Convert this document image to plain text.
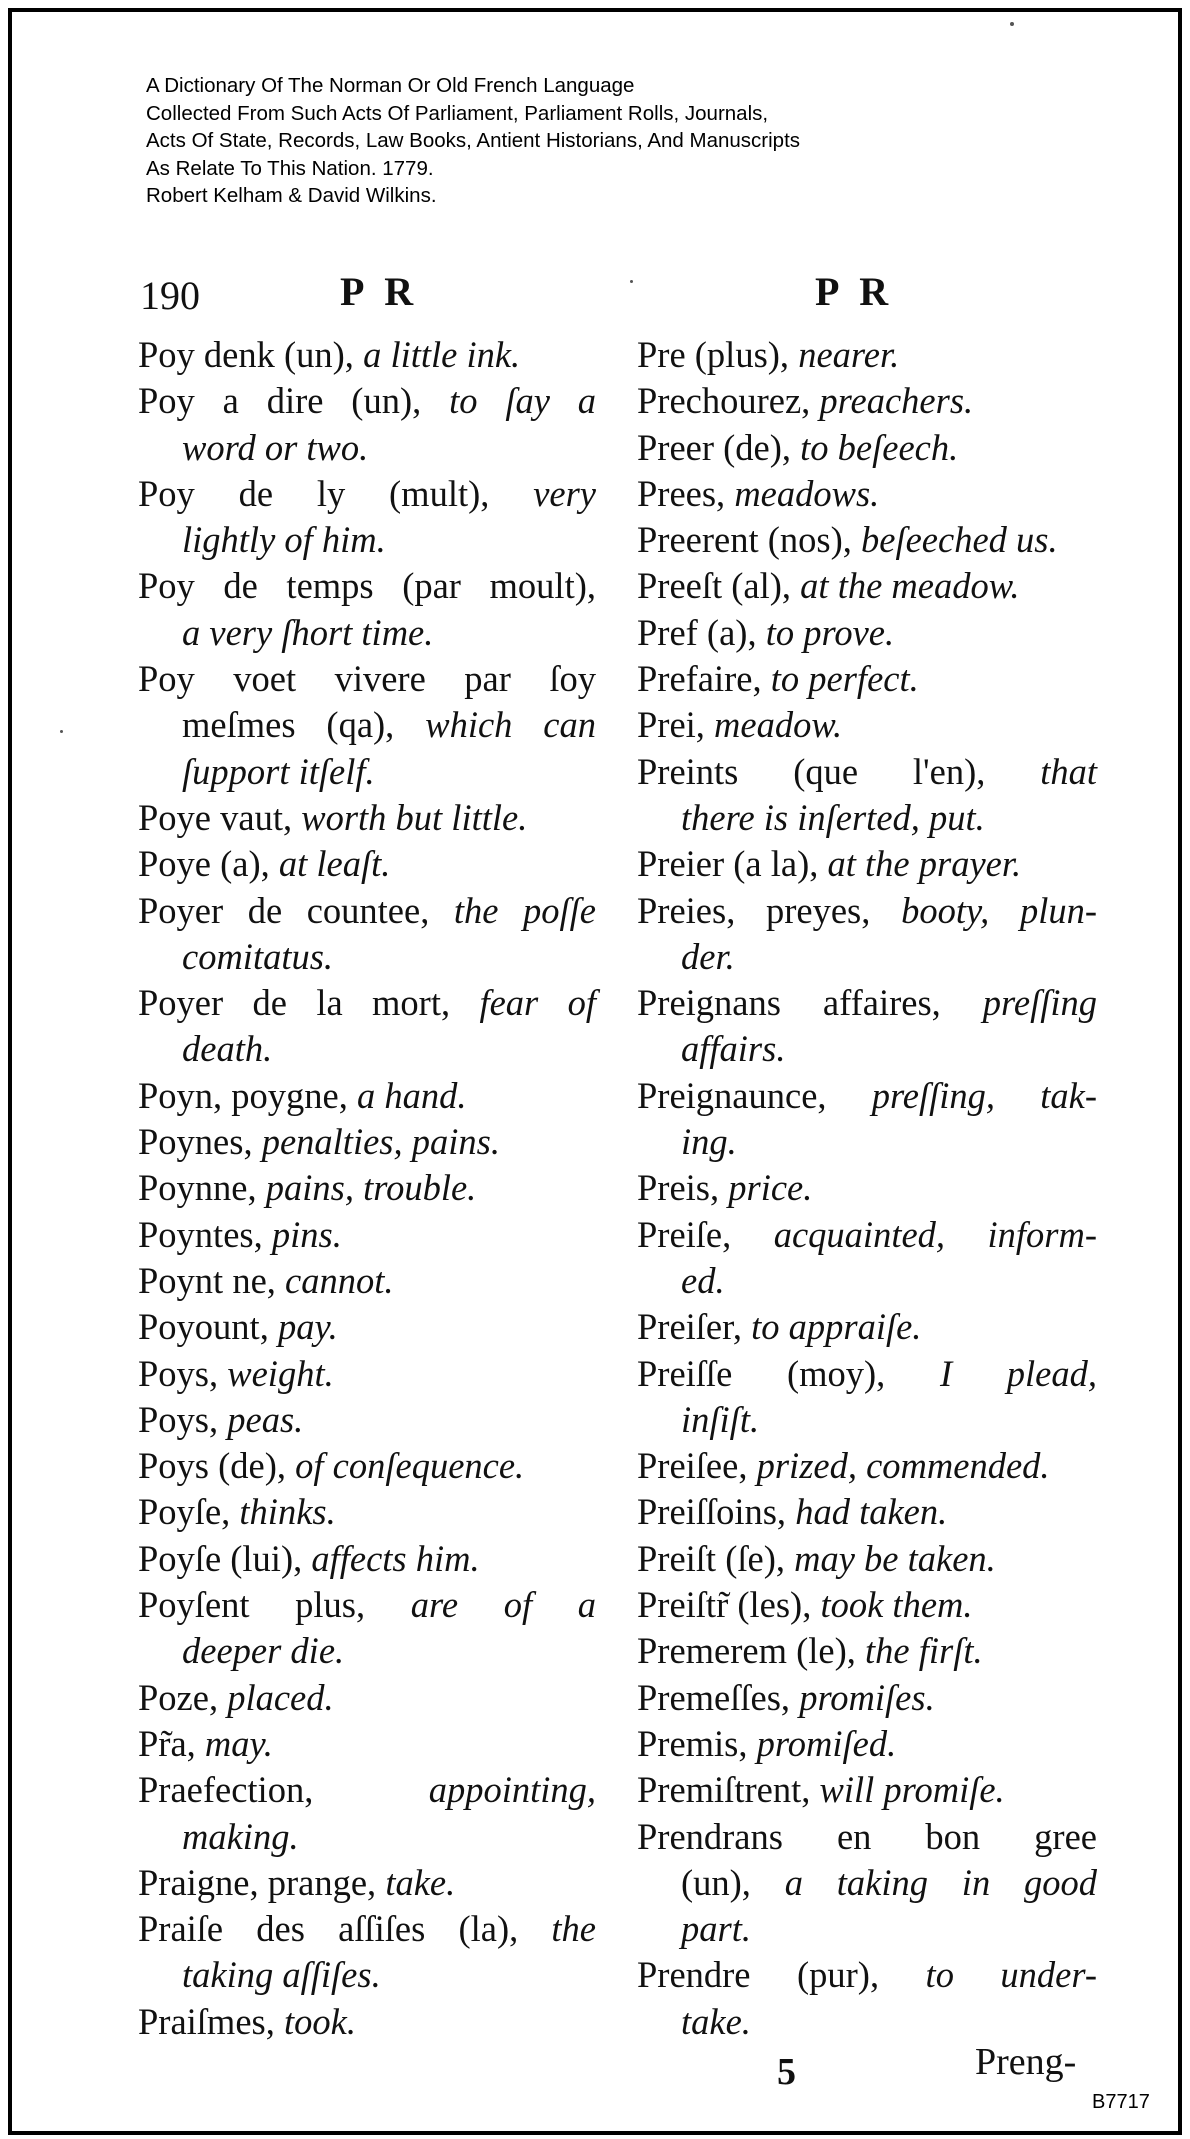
A Dictionary Of The Norman Or Old French Language
Collected From Such Acts Of Parliament, Parliament Rolls, Journals,
Acts Of State, Records, Law Books, Antient Historians, And Manuscripts
As Relate To This Nation. 1779.
Robert Kelham & David Wilkins.
190	P R	P R
Poy denk (un), a little ink.
Poy a dire (un), to ſay a
word or two.
Poy de ly (mult), very
lightly of him.
Poy de temps (par moult),
a very ſhort time.
Poy voet vivere par ſoy
meſmes (qa), which can
ſupport itſelf.
Poye vaut, worth but little.
Poye (a), at leaſt.
Poyer de countee, the poſſe
comitatus.
Poyer de la mort, fear of
death.
Poyn, poygne, a hand.
Poynes, penalties, pains.
Poynne, pains, trouble.
Poyntes, pins.
Poynt ne, cannot.
Poyount, pay.
Poys, weight.
Poys, peas.
Poys (de), of conſequence.
Poyſe, thinks.
Poyſe (lui), affects him.
Poyſent plus, are of a
deeper die.
Poze, placed.
Pr̃a, may.
Praefection, appointing,
making.
Praigne, prange, take.
Praiſe des aſſiſes (la), the
taking aſſiſes.
Praiſmes, took.
Pre (plus), nearer.
Prechourez, preachers.
Preer (de), to beſeech.
Prees, meadows.
Preerent (nos), beſeeched us.
Preeſt (al), at the meadow.
Pref (a), to prove.
Prefaire, to perfect.
Prei, meadow.
Preints (que l'en), that
there is inſerted, put.
Preier (a la), at the prayer.
Preies, preyes, booty, plun-
der.
Preignans affaires, preſſing
affairs.
Preignaunce, preſſing, tak-
ing.
Preis, price.
Preiſe, acquainted, inform-
ed.
Preiſer, to appraiſe.
Preiſſe (moy), I plead,
inſiſt.
Preiſee, prized, commended.
Preiſſoins, had taken.
Preiſt (ſe), may be taken.
Preiſtr̃ (les), took them.
Premerem (le), the firſt.
Premeſſes, promiſes.
Premis, promiſed.
Premiſtrent, will promiſe.
Prendrans en bon gree
(un), a taking in good
part.
Prendre (pur), to under-
take.
5	Preng-
B7717
